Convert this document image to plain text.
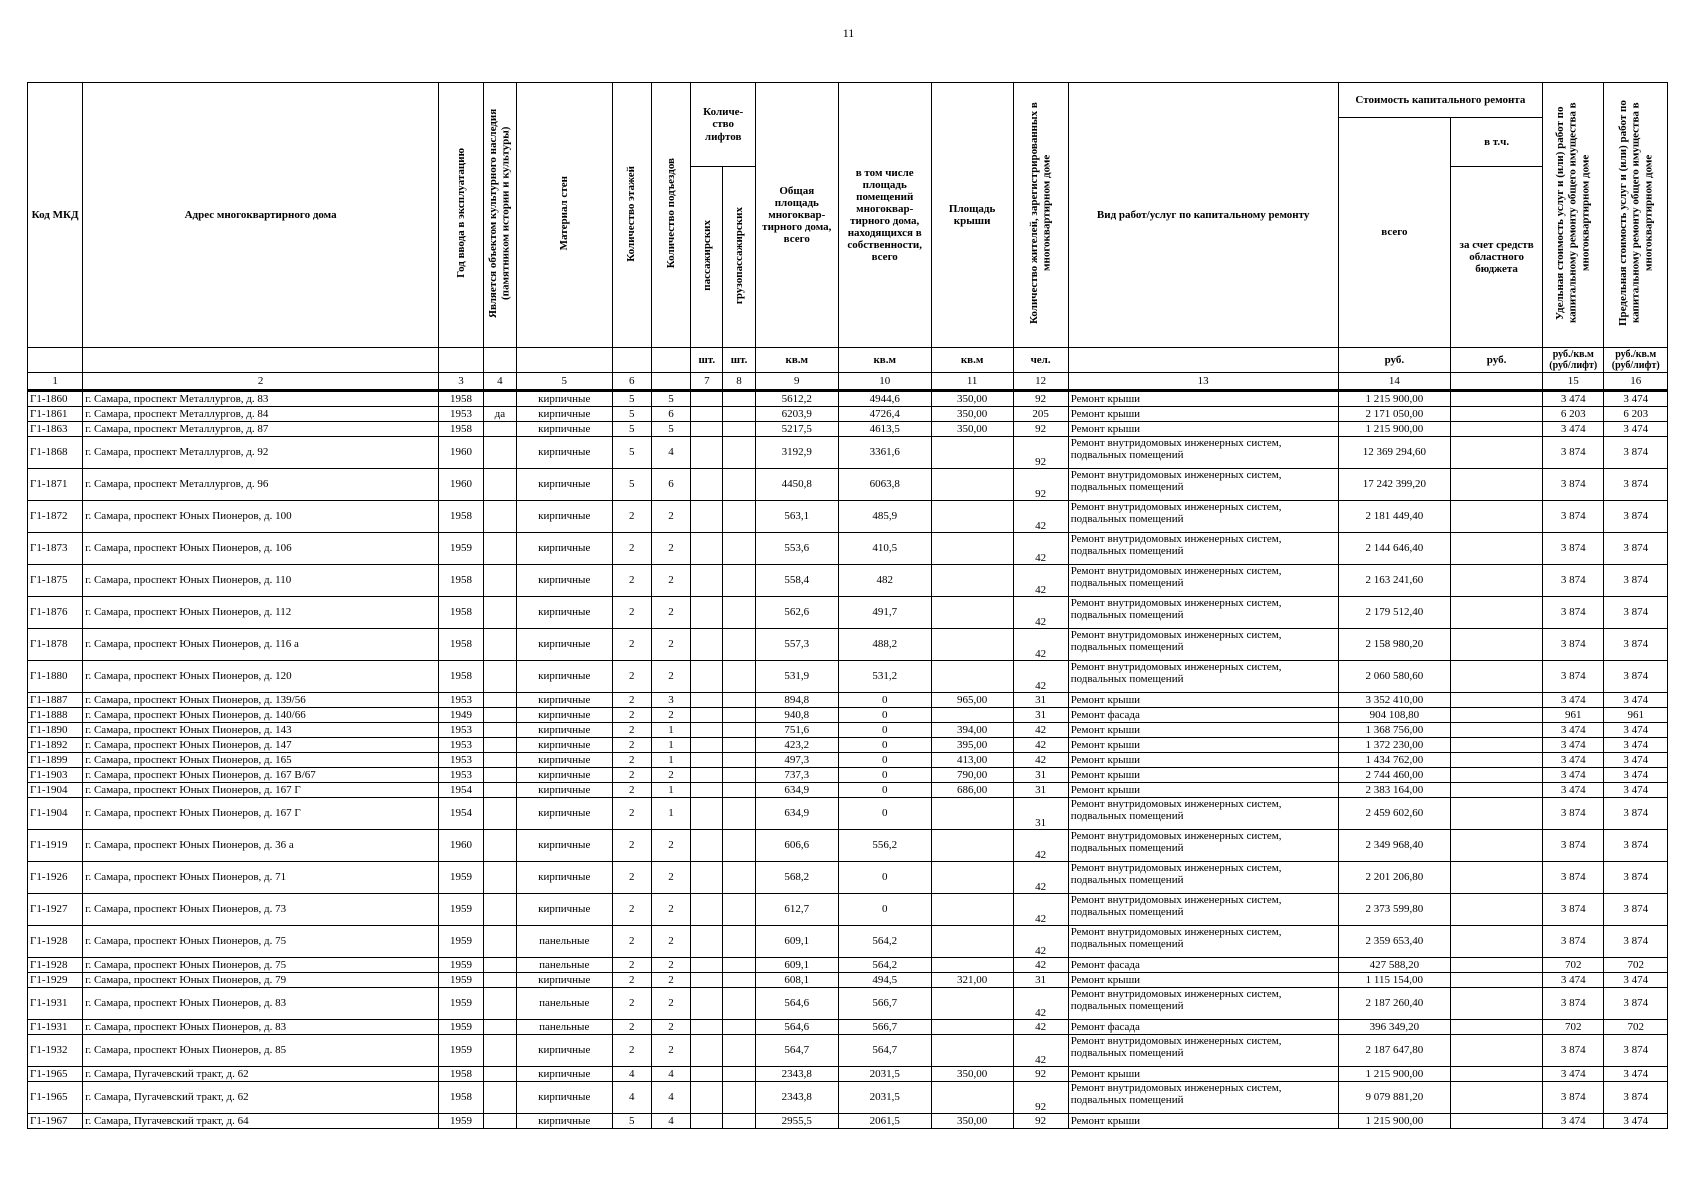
11
Код МКД	Адрес многоквартирного дома	Год ввода в эксплуатацию	Является объектом культурного наследия (памятником истории и культуры)	Материал стен	Количество этажей	Количество подъездов	Количе-ство лифтов		Общая площадь многоквар-тирного дома, всего	в том числе площадь помещений многоквар-тирного дома, находящихся в собственности, всего	Площадь крыши	Количество жителей, зарегистрированных в многоквартирном доме	Вид работ/услуг по капитальному ремонту	Стоимость капитального ремонта		Удельная стоимость услуг и (или) работ по капитальному ремонту общего имущества в многоквартирном доме	Предельная стоимость услуг и (или) работ по капитальному ремонту общего имущества в многоквартирном доме
														всего	в т.ч.		
							пассажирских	грузопассажирских							за счет средств областного бюджета		
							шт.	шт.	кв.м	кв.м	кв.м	чел.		руб.	руб.	руб./кв.м (руб/лифт)	руб./кв.м (руб/лифт)
1	2	3	4	5	6		7	8	9	10	11	12	13	14		15	16
Г1-1860	г. Самара, проспект Металлургов, д. 83	1958		кирпичные	5	5			5612,2	4944,6	350,00	92	Ремонт крыши	1 215 900,00		3 474	3 474
Г1-1861	г. Самара, проспект Металлургов, д. 84	1953	да	кирпичные	5	6			6203,9	4726,4	350,00	205	Ремонт крыши	2 171 050,00		6 203	6 203
Г1-1863	г. Самара, проспект Металлургов, д. 87	1958		кирпичные	5	5			5217,5	4613,5	350,00	92	Ремонт крыши	1 215 900,00		3 474	3 474
Г1-1868	г. Самара, проспект Металлургов, д. 92	1960		кирпичные	5	4			3192,9	3361,6		92	Ремонт внутридомовых инженерных систем, подвальных помещений	12 369 294,60		3 874	3 874
Г1-1871	г. Самара, проспект Металлургов, д. 96	1960		кирпичные	5	6			4450,8	6063,8		92	Ремонт внутридомовых инженерных систем, подвальных помещений	17 242 399,20		3 874	3 874
Г1-1872	г. Самара, проспект Юных Пионеров, д. 100	1958		кирпичные	2	2			563,1	485,9		42	Ремонт внутридомовых инженерных систем, подвальных помещений	2 181 449,40		3 874	3 874
Г1-1873	г. Самара, проспект Юных Пионеров, д. 106	1959		кирпичные	2	2			553,6	410,5		42	Ремонт внутридомовых инженерных систем, подвальных помещений	2 144 646,40		3 874	3 874
Г1-1875	г. Самара, проспект Юных Пионеров, д. 110	1958		кирпичные	2	2			558,4	482		42	Ремонт внутридомовых инженерных систем, подвальных помещений	2 163 241,60		3 874	3 874
Г1-1876	г. Самара, проспект Юных Пионеров, д. 112	1958		кирпичные	2	2			562,6	491,7		42	Ремонт внутридомовых инженерных систем, подвальных помещений	2 179 512,40		3 874	3 874
Г1-1878	г. Самара, проспект Юных Пионеров, д. 116 а	1958		кирпичные	2	2			557,3	488,2		42	Ремонт внутридомовых инженерных систем, подвальных помещений	2 158 980,20		3 874	3 874
Г1-1880	г. Самара, проспект Юных Пионеров, д. 120	1958		кирпичные	2	2			531,9	531,2		42	Ремонт внутридомовых инженерных систем, подвальных помещений	2 060 580,60		3 874	3 874
Г1-1887	г. Самара, проспект Юных Пионеров, д. 139/56	1953		кирпичные	2	3			894,8	0	965,00	31	Ремонт крыши	3 352 410,00		3 474	3 474
Г1-1888	г. Самара, проспект Юных Пионеров, д. 140/66	1949		кирпичные	2	2			940,8	0		31	Ремонт фасада	904 108,80		961	961
Г1-1890	г. Самара, проспект Юных Пионеров, д. 143	1953		кирпичные	2	1			751,6	0	394,00	42	Ремонт крыши	1 368 756,00		3 474	3 474
Г1-1892	г. Самара, проспект Юных Пионеров, д. 147	1953		кирпичные	2	1			423,2	0	395,00	42	Ремонт крыши	1 372 230,00		3 474	3 474
Г1-1899	г. Самара, проспект Юных Пионеров, д. 165	1953		кирпичные	2	1			497,3	0	413,00	42	Ремонт крыши	1 434 762,00		3 474	3 474
Г1-1903	г. Самара, проспект Юных Пионеров, д. 167 В/67	1953		кирпичные	2	2			737,3	0	790,00	31	Ремонт крыши	2 744 460,00		3 474	3 474
Г1-1904	г. Самара, проспект Юных Пионеров, д. 167 Г	1954		кирпичные	2	1			634,9	0	686,00	31	Ремонт крыши	2 383 164,00		3 474	3 474
Г1-1904	г. Самара, проспект Юных Пионеров, д. 167 Г	1954		кирпичные	2	1			634,9	0		31	Ремонт внутридомовых инженерных систем, подвальных помещений	2 459 602,60		3 874	3 874
Г1-1919	г. Самара, проспект Юных Пионеров, д. 36 а	1960		кирпичные	2	2			606,6	556,2		42	Ремонт внутридомовых инженерных систем, подвальных помещений	2 349 968,40		3 874	3 874
Г1-1926	г. Самара, проспект Юных Пионеров, д. 71	1959		кирпичные	2	2			568,2	0		42	Ремонт внутридомовых инженерных систем, подвальных помещений	2 201 206,80		3 874	3 874
Г1-1927	г. Самара, проспект Юных Пионеров, д. 73	1959		кирпичные	2	2			612,7	0		42	Ремонт внутридомовых инженерных систем, подвальных помещений	2 373 599,80		3 874	3 874
Г1-1928	г. Самара, проспект Юных Пионеров, д. 75	1959		панельные	2	2			609,1	564,2		42	Ремонт внутридомовых инженерных систем, подвальных помещений	2 359 653,40		3 874	3 874
Г1-1928	г. Самара, проспект Юных Пионеров, д. 75	1959		панельные	2	2			609,1	564,2		42	Ремонт фасада	427 588,20		702	702
Г1-1929	г. Самара, проспект Юных Пионеров, д. 79	1959		кирпичные	2	2			608,1	494,5	321,00	31	Ремонт крыши	1 115 154,00		3 474	3 474
Г1-1931	г. Самара, проспект Юных Пионеров, д. 83	1959		панельные	2	2			564,6	566,7		42	Ремонт внутридомовых инженерных систем, подвальных помещений	2 187 260,40		3 874	3 874
Г1-1931	г. Самара, проспект Юных Пионеров, д. 83	1959		панельные	2	2			564,6	566,7		42	Ремонт фасада	396 349,20		702	702
Г1-1932	г. Самара, проспект Юных Пионеров, д. 85	1959		кирпичные	2	2			564,7	564,7		42	Ремонт внутридомовых инженерных систем, подвальных помещений	2 187 647,80		3 874	3 874
Г1-1965	г. Самара, Пугачевский тракт, д. 62	1958		кирпичные	4	4			2343,8	2031,5	350,00	92	Ремонт крыши	1 215 900,00		3 474	3 474
Г1-1965	г. Самара, Пугачевский тракт, д. 62	1958		кирпичные	4	4			2343,8	2031,5		92	Ремонт внутридомовых инженерных систем, подвальных помещений	9 079 881,20		3 874	3 874
Г1-1967	г. Самара, Пугачевский тракт, д. 64	1959		кирпичные	5	4			2955,5	2061,5	350,00	92	Ремонт крыши	1 215 900,00		3 474	3 474
